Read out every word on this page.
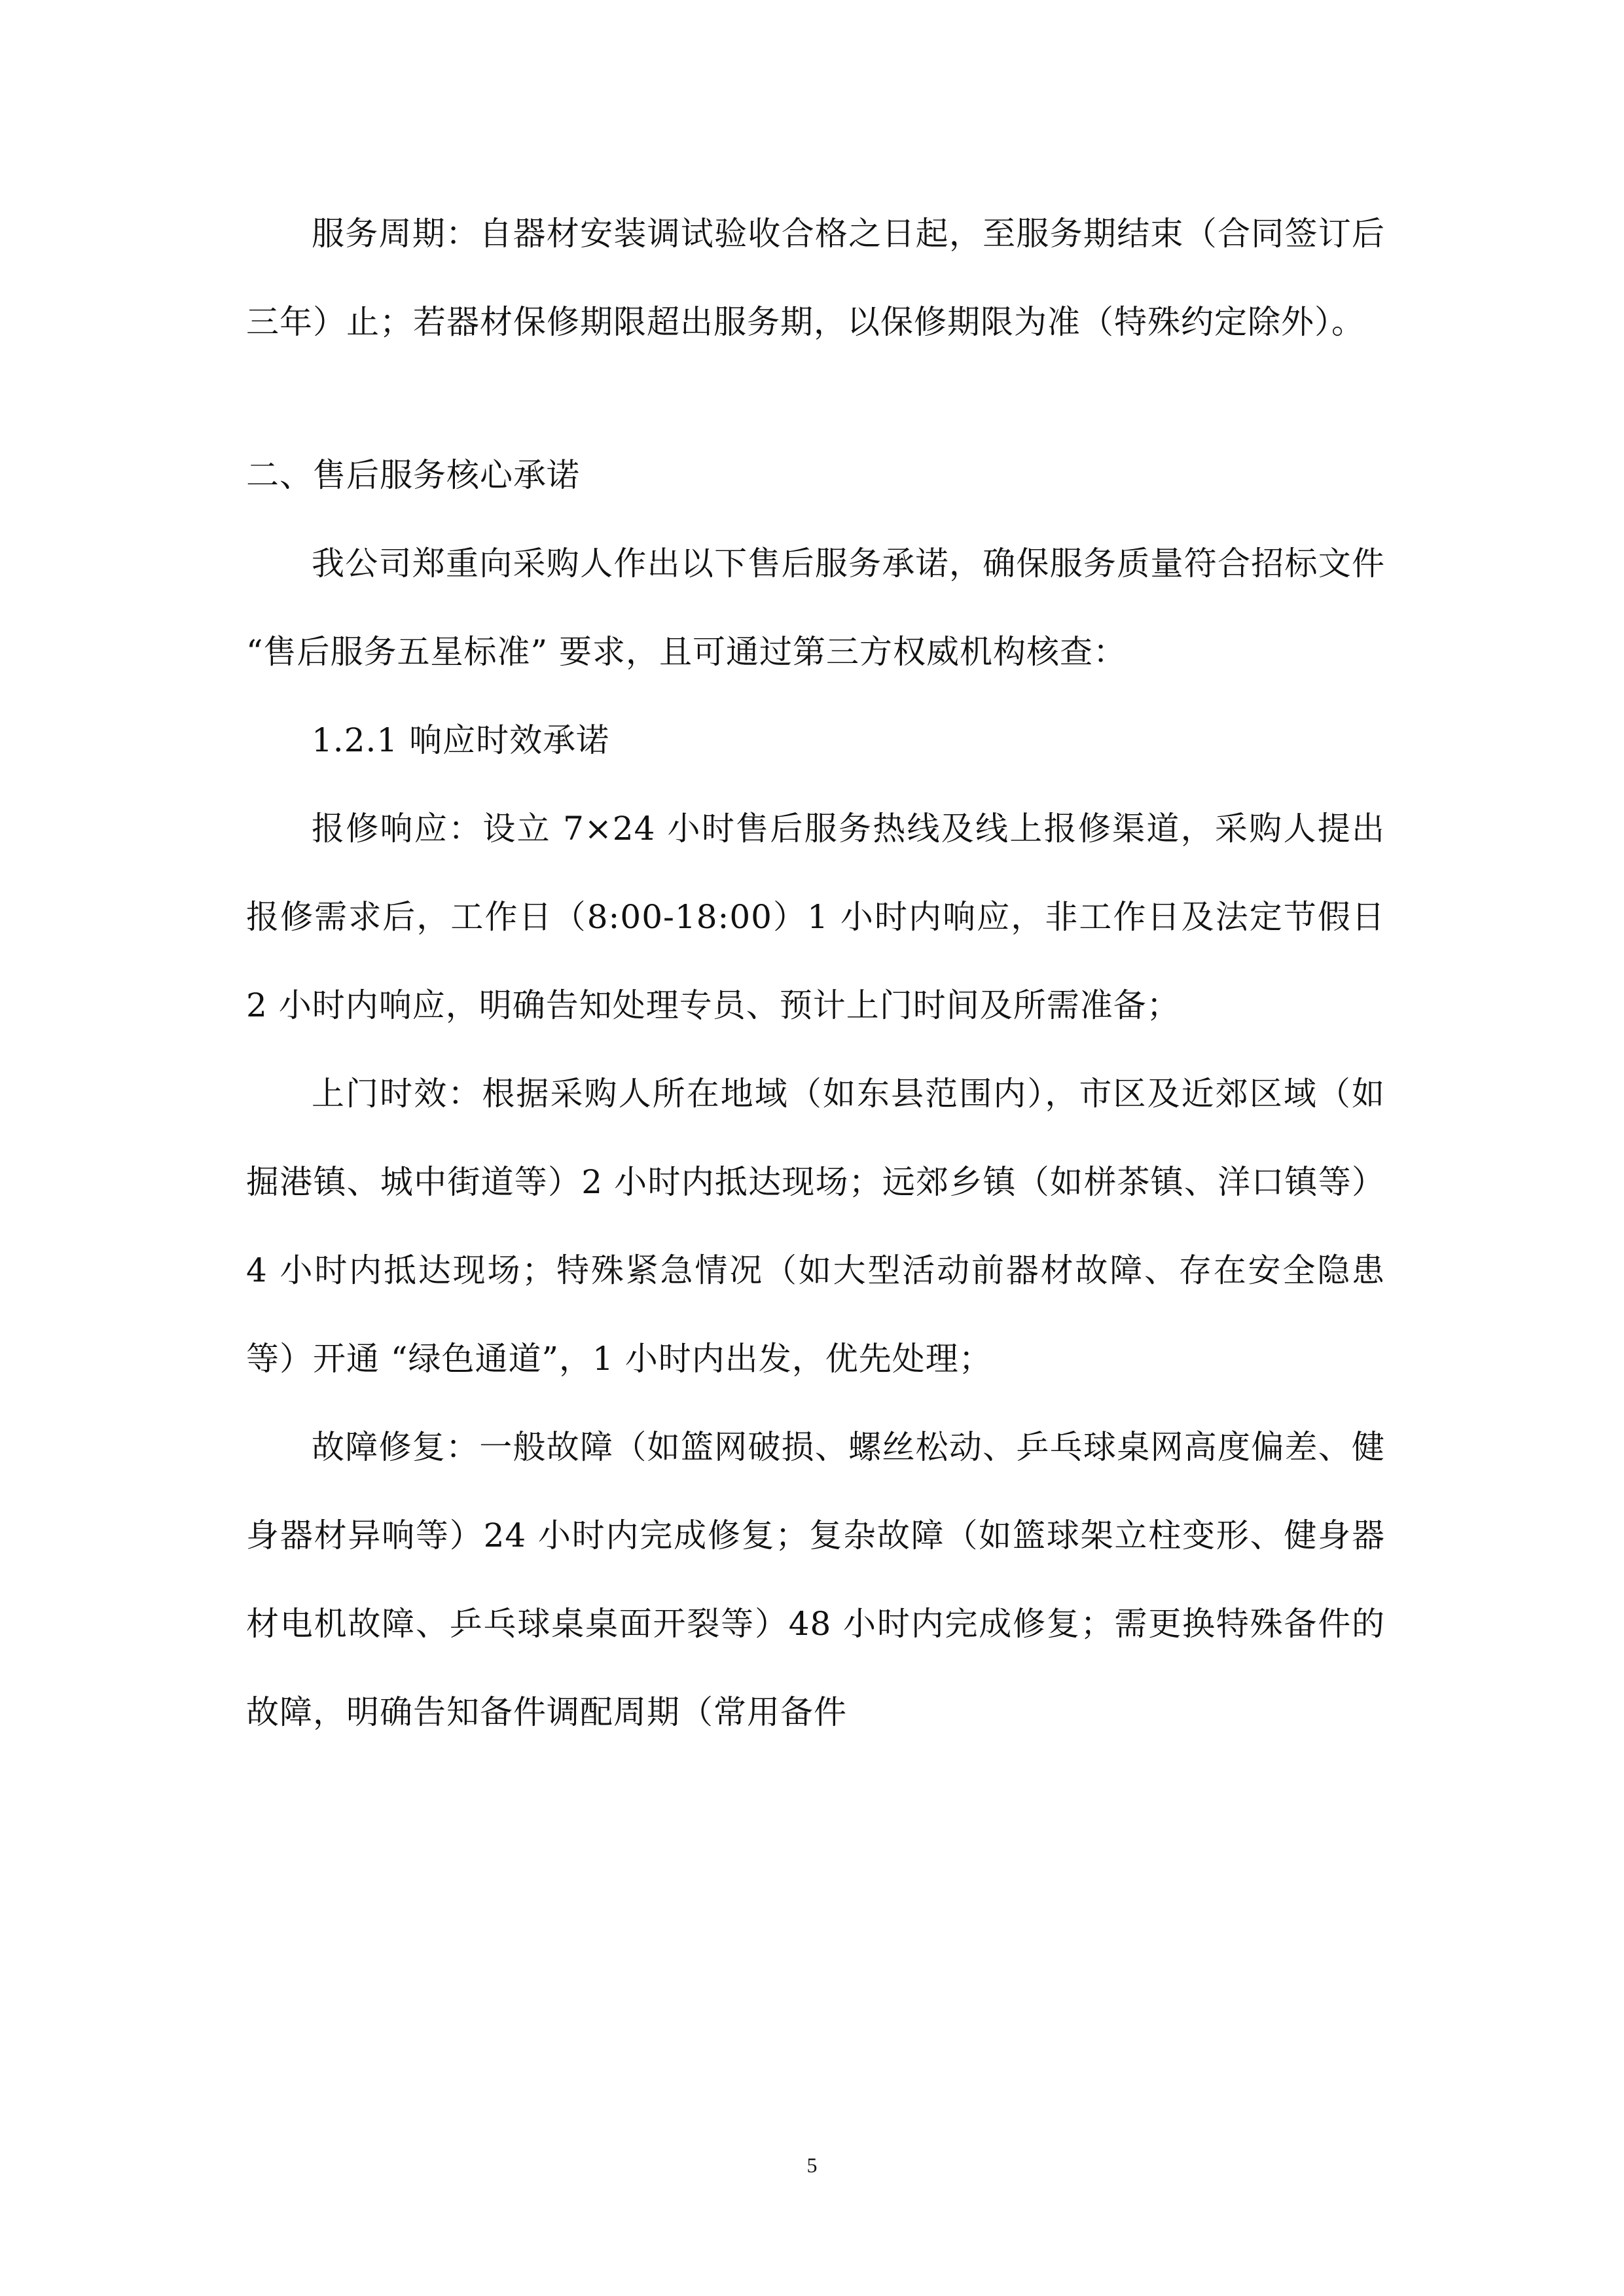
服务周期：自器材安装调试验收合格之日起，至服务期结束（合同签订后三年）止；若器材保修期限超出服务期，以保修期限为准（特殊约定除外）。

二、售后服务核心承诺

我公司郑重向采购人作出以下售后服务承诺，确保服务质量符合招标文件 “售后服务五星标准” 要求，且可通过第三方权威机构核查：

1.2.1 响应时效承诺

报修响应：设立 7×24 小时售后服务热线及线上报修渠道，采购人提出报修需求后，工作日（8:00-18:00）1 小时内响应，非工作日及法定节假日 2 小时内响应，明确告知处理专员、预计上门时间及所需准备；

上门时效：根据采购人所在地域（如东县范围内），市区及近郊区域（如掘港镇、城中街道等）2 小时内抵达现场；远郊乡镇（如栟茶镇、洋口镇等）4 小时内抵达现场；特殊紧急情况（如大型活动前器材故障、存在安全隐患等）开通 “绿色通道”，1 小时内出发，优先处理；

故障修复：一般故障（如篮网破损、螺丝松动、乒乓球桌网高度偏差、健身器材异响等）24 小时内完成修复；复杂故障（如篮球架立柱变形、健身器材电机故障、乒乓球桌桌面开裂等）48 小时内完成修复；需更换特殊备件的故障，明确告知备件调配周期（常用备件

5
